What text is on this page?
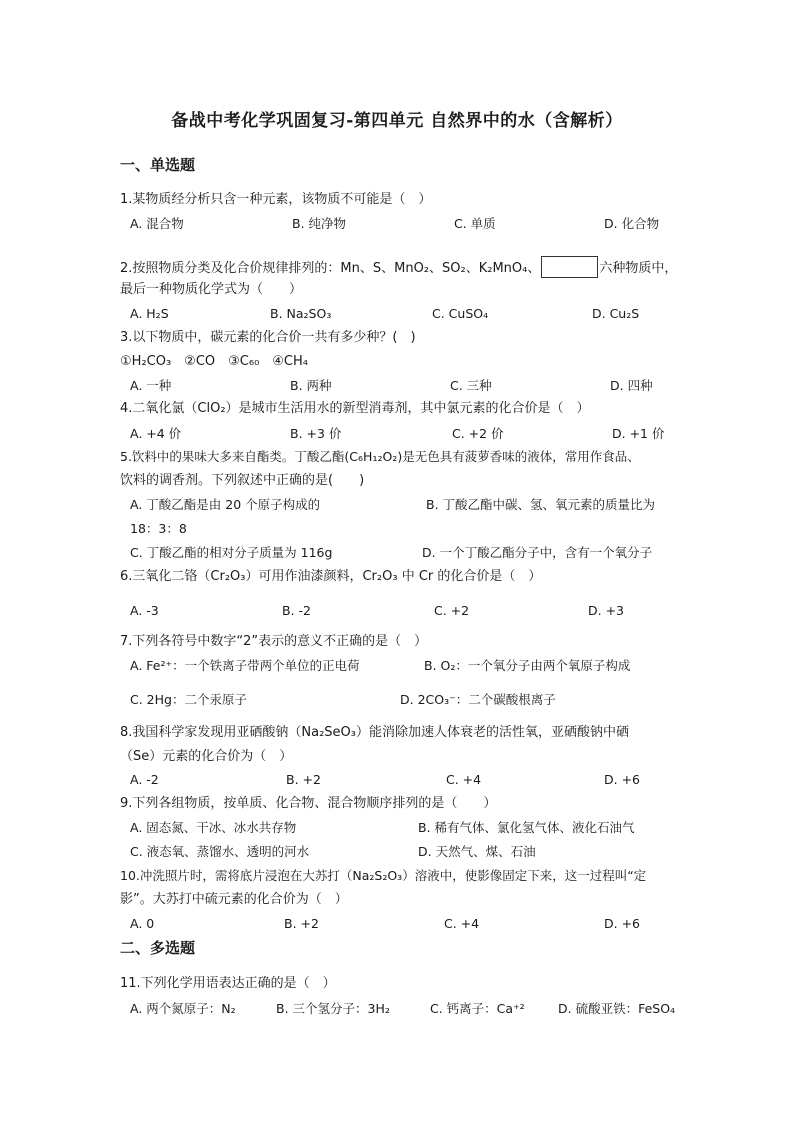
备战中考化学巩固复习-第四单元 自然界中的水（含解析）
一、单选题
1.某物质经分析只含一种元素，该物质不可能是（　）
A. 混合物	B. 纯净物	C. 单质	D. 化合物
2.按照物质分类及化合价规律排列的：Mn、S、MnO₂、SO₂、K₂MnO₄、	六种物质中，
最后一种物质化学式为（　　）
A. H₂S	B. Na₂SO₃	C. CuSO₄	D. Cu₂S
3.以下物质中，碳元素的化合价一共有多少种？(　)
①H₂CO₃　②CO　③C₆₀　④CH₄
A. 一种	B. 两种	C. 三种	D. 四种
4.二氧化氯（ClO₂）是城市生活用水的新型消毒剂，其中氯元素的化合价是（　）
A. +4 价	B. +3 价	C. +2 价	D. +1 价
5.饮料中的果味大多来自酯类。丁酸乙酯(C₆H₁₂O₂)是无色具有菠萝香味的液体，常用作食品、
饮料的调香剂。下列叙述中正确的是(　　)
A. 丁酸乙酯是由 20 个原子构成的	B. 丁酸乙酯中碳、氢、氧元素的质量比为
18：3：8
C. 丁酸乙酯的相对分子质量为 116g	D. 一个丁酸乙酯分子中，含有一个氧分子
6.三氧化二铬（Cr₂O₃）可用作油漆颜料，Cr₂O₃ 中 Cr 的化合价是（　）
A. -3	B. -2	C. +2	D. +3
7.下列各符号中数字“2”表示的意义不正确的是（　）
A. Fe²⁺：一个铁离子带两个单位的正电荷	B. O₂：一个氧分子由两个氧原子构成
C. 2Hg：二个汞原子	D. 2CO₃⁻：二个碳酸根离子
8.我国科学家发现用亚硒酸钠（Na₂SeO₃）能消除加速人体衰老的活性氧，亚硒酸钠中硒
（Se）元素的化合价为（　）
A. -2	B. +2	C. +4	D. +6
9.下列各组物质，按单质、化合物、混合物顺序排列的是（　　）
A. 固态氮、干冰、冰水共存物	B. 稀有气体、氯化氢气体、液化石油气
C. 液态氧、蒸馏水、透明的河水	D. 天然气、煤、石油
10.冲洗照片时，需将底片浸泡在大苏打（Na₂S₂O₃）溶液中，使影像固定下来，这一过程叫“定
影”。大苏打中硫元素的化合价为（　）
A. 0	B. +2	C. +4	D. +6
二、多选题
11.下列化学用语表达正确的是（　）
A. 两个氮原子：N₂	B. 三个氢分子：3H₂	C. 钙离子：Ca⁺²	D. 硫酸亚铁：FeSO₄
